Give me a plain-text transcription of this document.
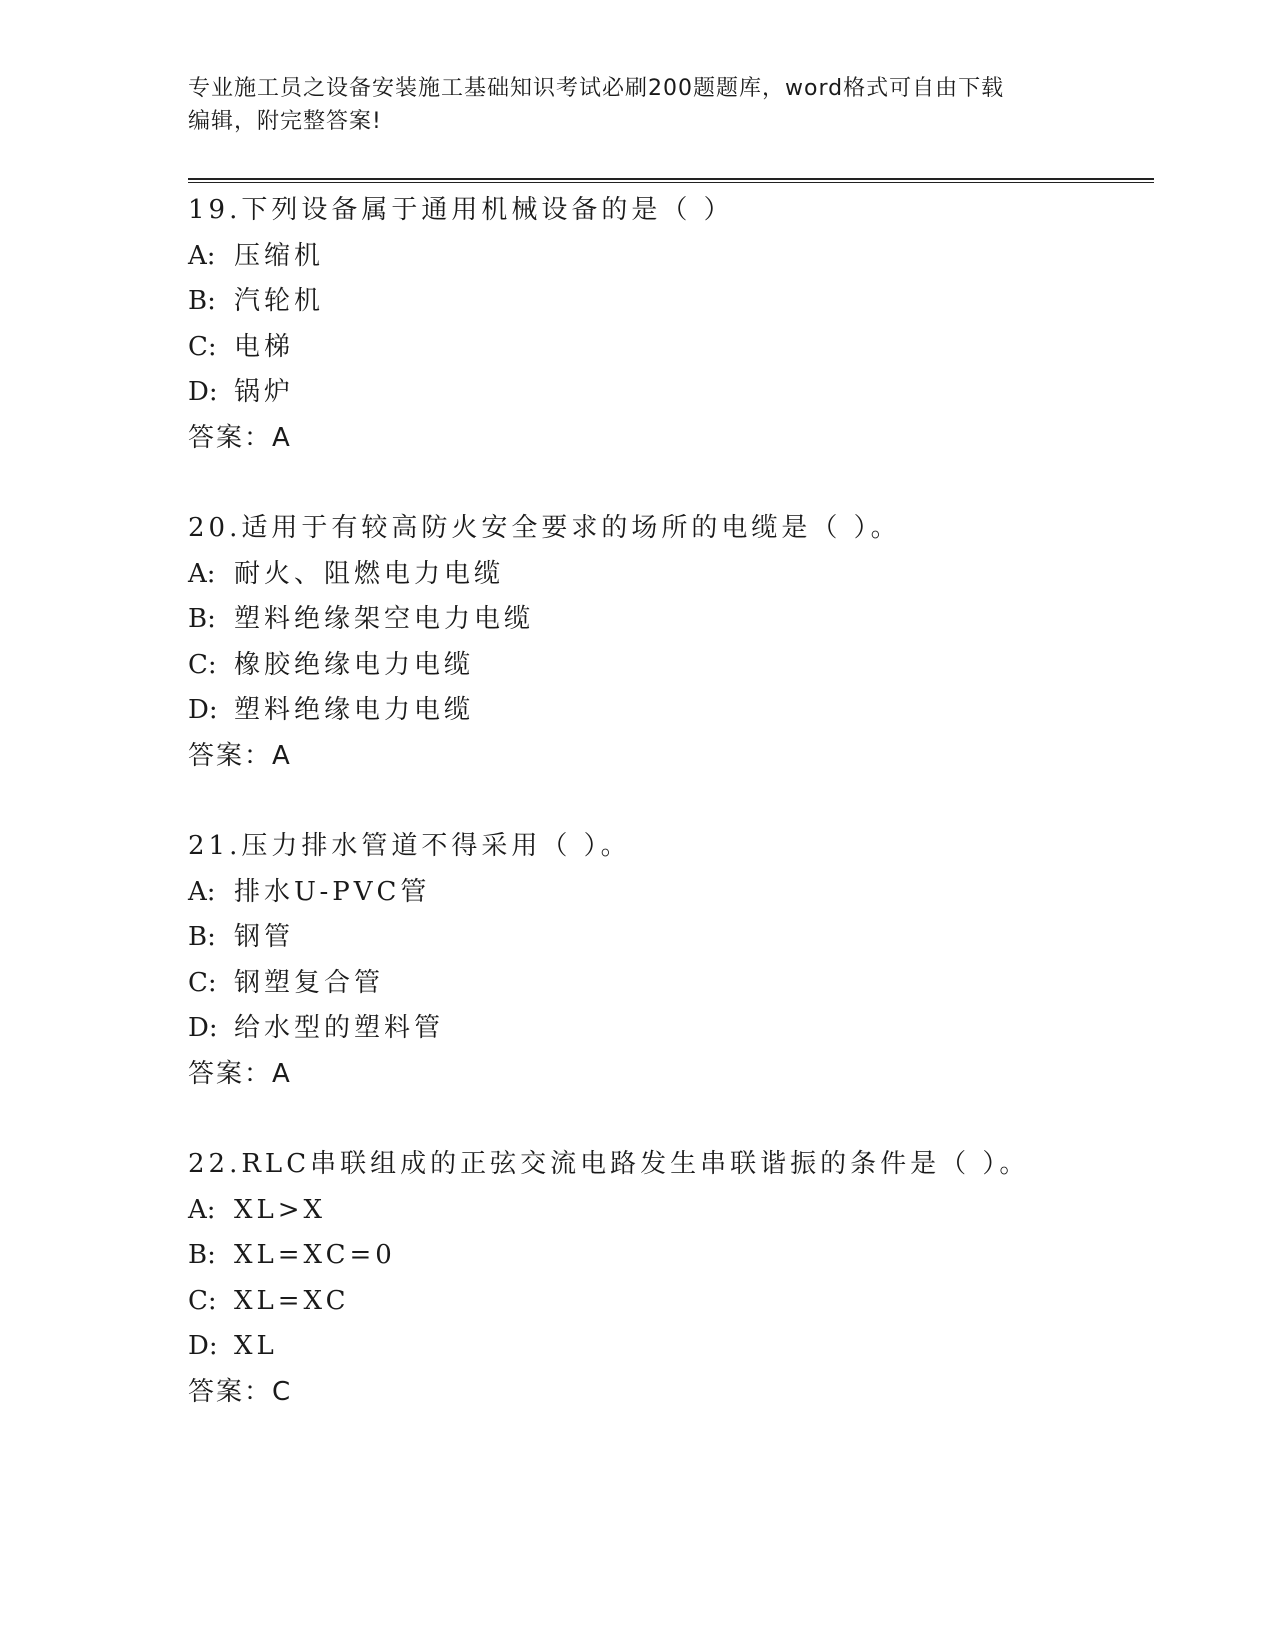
专业施工员之设备安装施工基础知识考试必刷200题题库，word格式可自由下载
编辑，附完整答案!
19.下列设备属于通用机械设备的是（ ）
A: 压缩机
B: 汽轮机
C: 电梯
D: 锅炉
答案：A
20.适用于有较高防火安全要求的场所的电缆是（ ）。
A: 耐火、阻燃电力电缆
B: 塑料绝缘架空电力电缆
C: 橡胶绝缘电力电缆
D: 塑料绝缘电力电缆
答案：A
21.压力排水管道不得采用（ ）。
A: 排水U-PVC管
B: 钢管
C: 钢塑复合管
D: 给水型的塑料管
答案：A
22.RLC串联组成的正弦交流电路发生串联谐振的条件是（ ）。
A: XL>X
B: XL=XC=0
C: XL=XC
D: XL
答案：C
